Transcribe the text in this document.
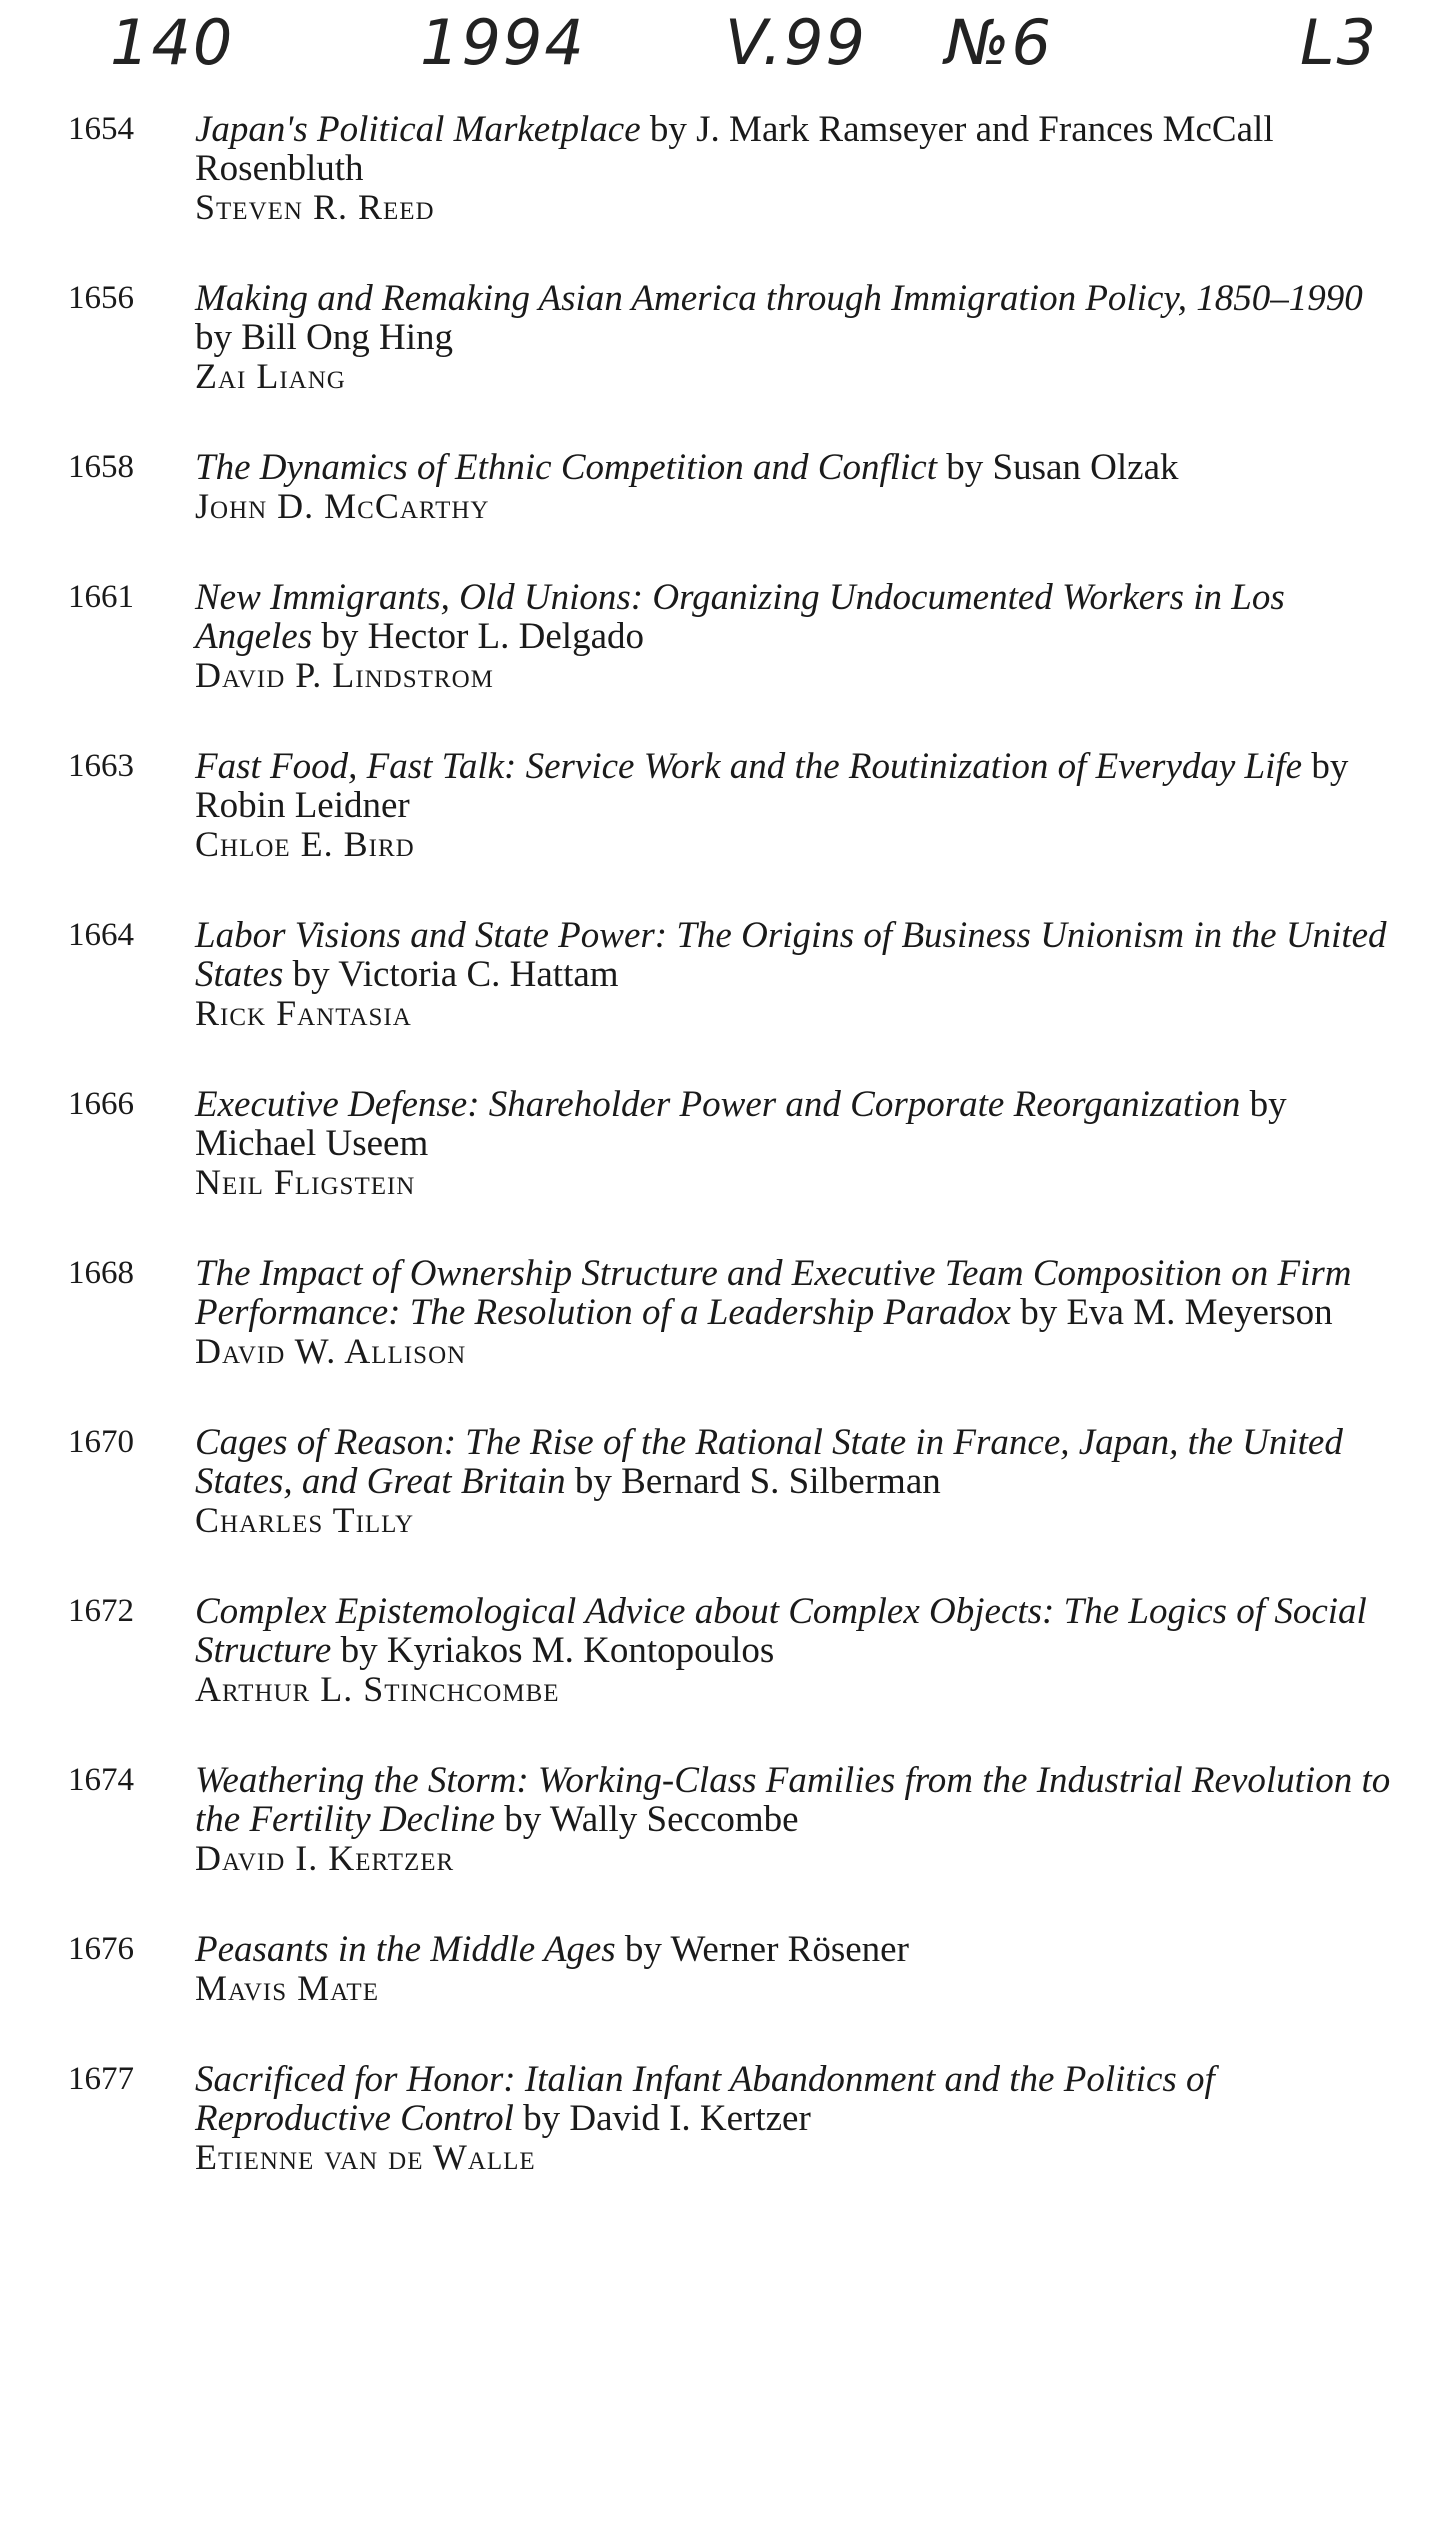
140	1994 V.99 №6	L3
1654 Japan's Political Marketplace by J. Mark Ramseyer and Frances McCall Rosenbluth
Steven R. Reed
1656 Making and Remaking Asian America through Immigration Policy, 1850–1990 by Bill Ong Hing
Zai Liang
1658 The Dynamics of Ethnic Competition and Conflict by Susan Olzak
John D. McCarthy
1661 New Immigrants, Old Unions: Organizing Undocumented Workers in Los Angeles by Hector L. Delgado
David P. Lindstrom
1663 Fast Food, Fast Talk: Service Work and the Routinization of Everyday Life by Robin Leidner
Chloe E. Bird
1664 Labor Visions and State Power: The Origins of Business Unionism in the United States by Victoria C. Hattam
Rick Fantasia
1666 Executive Defense: Shareholder Power and Corporate Reorganization by Michael Useem
Neil Fligstein
1668 The Impact of Ownership Structure and Executive Team Composition on Firm Performance: The Resolution of a Leadership Paradox by Eva M. Meyerson
David W. Allison
1670 Cages of Reason: The Rise of the Rational State in France, Japan, the United States, and Great Britain by Bernard S. Silberman
Charles Tilly
1672 Complex Epistemological Advice about Complex Objects: The Logics of Social Structure by Kyriakos M. Kontopoulos
Arthur L. Stinchcombe
1674 Weathering the Storm: Working-Class Families from the Industrial Revolution to the Fertility Decline by Wally Seccombe
David I. Kertzer
1676 Peasants in the Middle Ages by Werner Rösener
Mavis Mate
1677 Sacrificed for Honor: Italian Infant Abandonment and the Politics of Reproductive Control by David I. Kertzer
Etienne van de Walle
